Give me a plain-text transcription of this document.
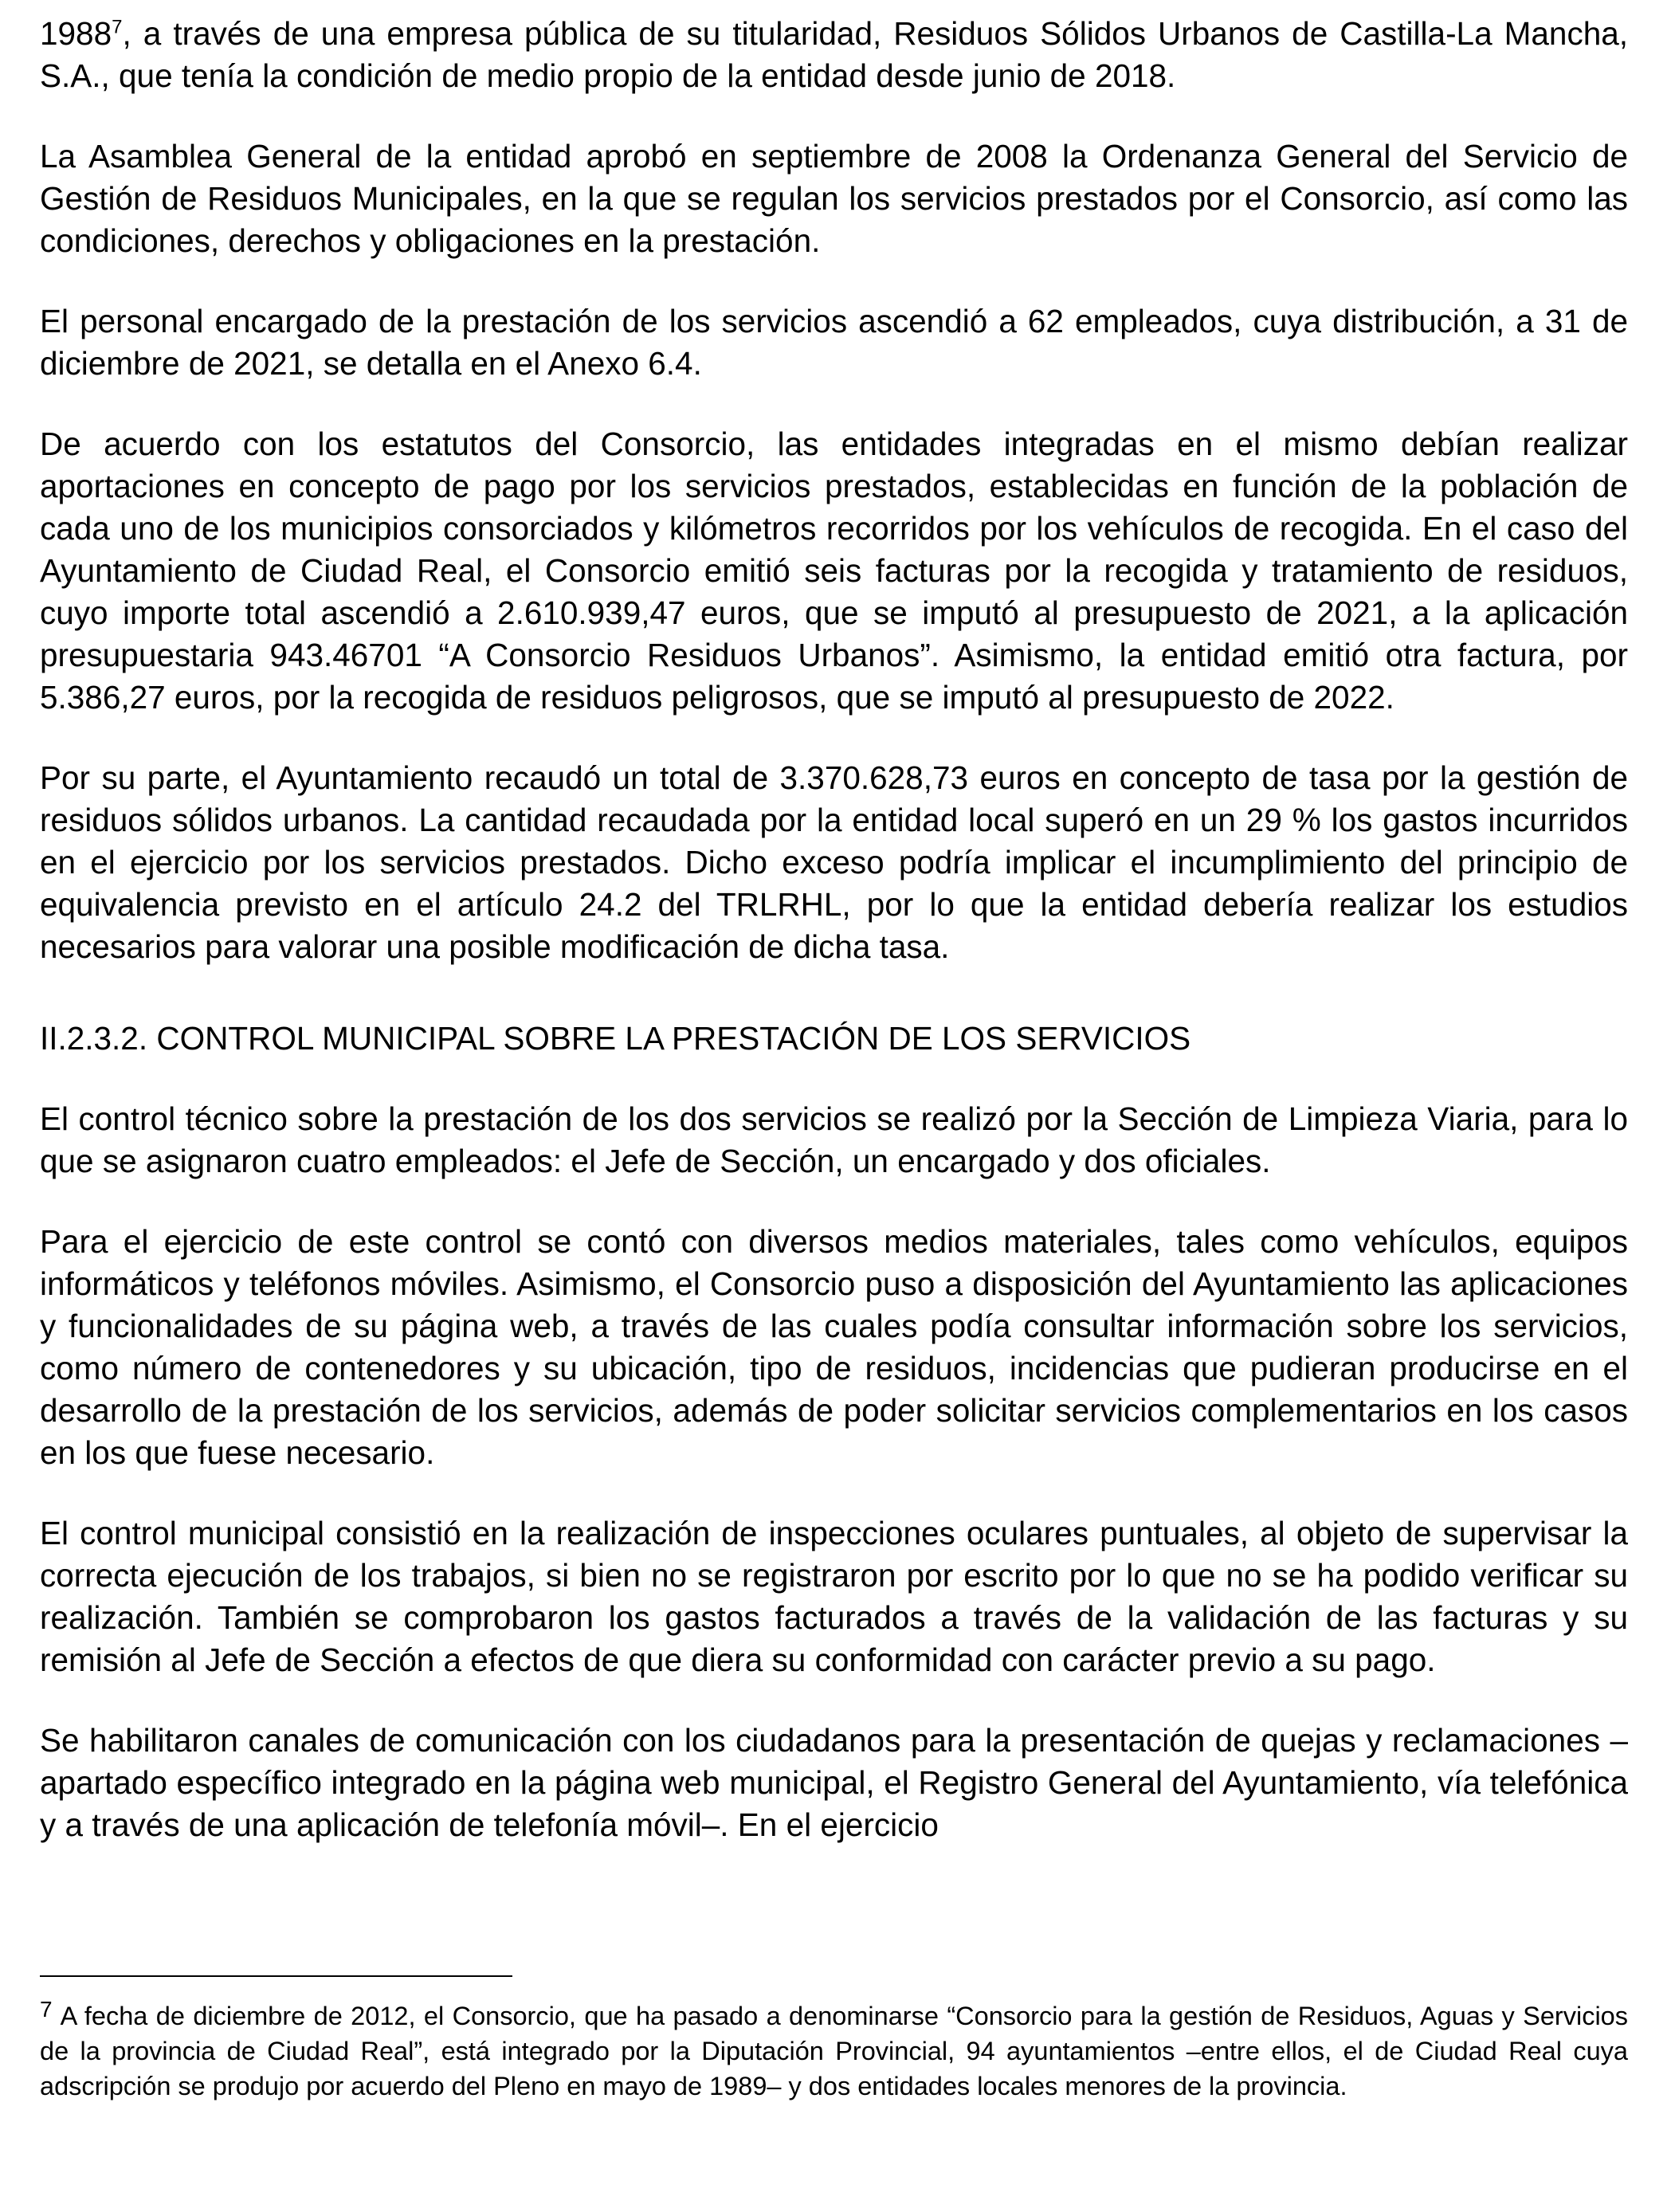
1988$^7$, a través de una empresa pública de su titularidad, Residuos Sólidos Urbanos de Castilla-La Mancha, S.A., que tenía la condición de medio propio de la entidad desde junio de 2018.

La Asamblea General de la entidad aprobó en septiembre de 2008 la Ordenanza General del Servicio de Gestión de Residuos Municipales, en la que se regulan los servicios prestados por el Consorcio, así como las condiciones, derechos y obligaciones en la prestación.

El personal encargado de la prestación de los servicios ascendió a 62 empleados, cuya distribución, a 31 de diciembre de 2021, se detalla en el Anexo 6.4.

De acuerdo con los estatutos del Consorcio, las entidades integradas en el mismo debían realizar aportaciones en concepto de pago por los servicios prestados, establecidas en función de la población de cada uno de los municipios consorciados y kilómetros recorridos por los vehículos de recogida. En el caso del Ayuntamiento de Ciudad Real, el Consorcio emitió seis facturas por la recogida y tratamiento de residuos, cuyo importe total ascendió a 2.610.939,47 euros, que se imputó al presupuesto de 2021, a la aplicación presupuestaria 943.46701 “A Consorcio Residuos Urbanos”. Asimismo, la entidad emitió otra factura, por 5.386,27 euros, por la recogida de residuos peligrosos, que se imputó al presupuesto de 2022.

Por su parte, el Ayuntamiento recaudó un total de 3.370.628,73 euros en concepto de tasa por la gestión de residuos sólidos urbanos. La cantidad recaudada por la entidad local superó en un 29 % los gastos incurridos en el ejercicio por los servicios prestados. Dicho exceso podría implicar el incumplimiento del principio de equivalencia previsto en el artículo 24.2 del TRLRHL, por lo que la entidad debería realizar los estudios necesarios para valorar una posible modificación de dicha tasa.

II.2.3.2. CONTROL MUNICIPAL SOBRE LA PRESTACIÓN DE LOS SERVICIOS

El control técnico sobre la prestación de los dos servicios se realizó por la Sección de Limpieza Viaria, para lo que se asignaron cuatro empleados: el Jefe de Sección, un encargado y dos oficiales.

Para el ejercicio de este control se contó con diversos medios materiales, tales como vehículos, equipos informáticos y teléfonos móviles. Asimismo, el Consorcio puso a disposición del Ayuntamiento las aplicaciones y funcionalidades de su página web, a través de las cuales podía consultar información sobre los servicios, como número de contenedores y su ubicación, tipo de residuos, incidencias que pudieran producirse en el desarrollo de la prestación de los servicios, además de poder solicitar servicios complementarios en los casos en los que fuese necesario.

El control municipal consistió en la realización de inspecciones oculares puntuales, al objeto de supervisar la correcta ejecución de los trabajos, si bien no se registraron por escrito por lo que no se ha podido verificar su realización. También se comprobaron los gastos facturados a través de la validación de las facturas y su remisión al Jefe de Sección a efectos de que diera su conformidad con carácter previo a su pago.

Se habilitaron canales de comunicación con los ciudadanos para la presentación de quejas y reclamaciones –apartado específico integrado en la página web municipal, el Registro General del Ayuntamiento, vía telefónica y a través de una aplicación de telefonía móvil–. En el ejercicio

7 A fecha de diciembre de 2012, el Consorcio, que ha pasado a denominarse “Consorcio para la gestión de Residuos, Aguas y Servicios de la provincia de Ciudad Real”, está integrado por la Diputación Provincial, 94 ayuntamientos –entre ellos, el de Ciudad Real cuya adscripción se produjo por acuerdo del Pleno en mayo de 1989– y dos entidades locales menores de la provincia.
